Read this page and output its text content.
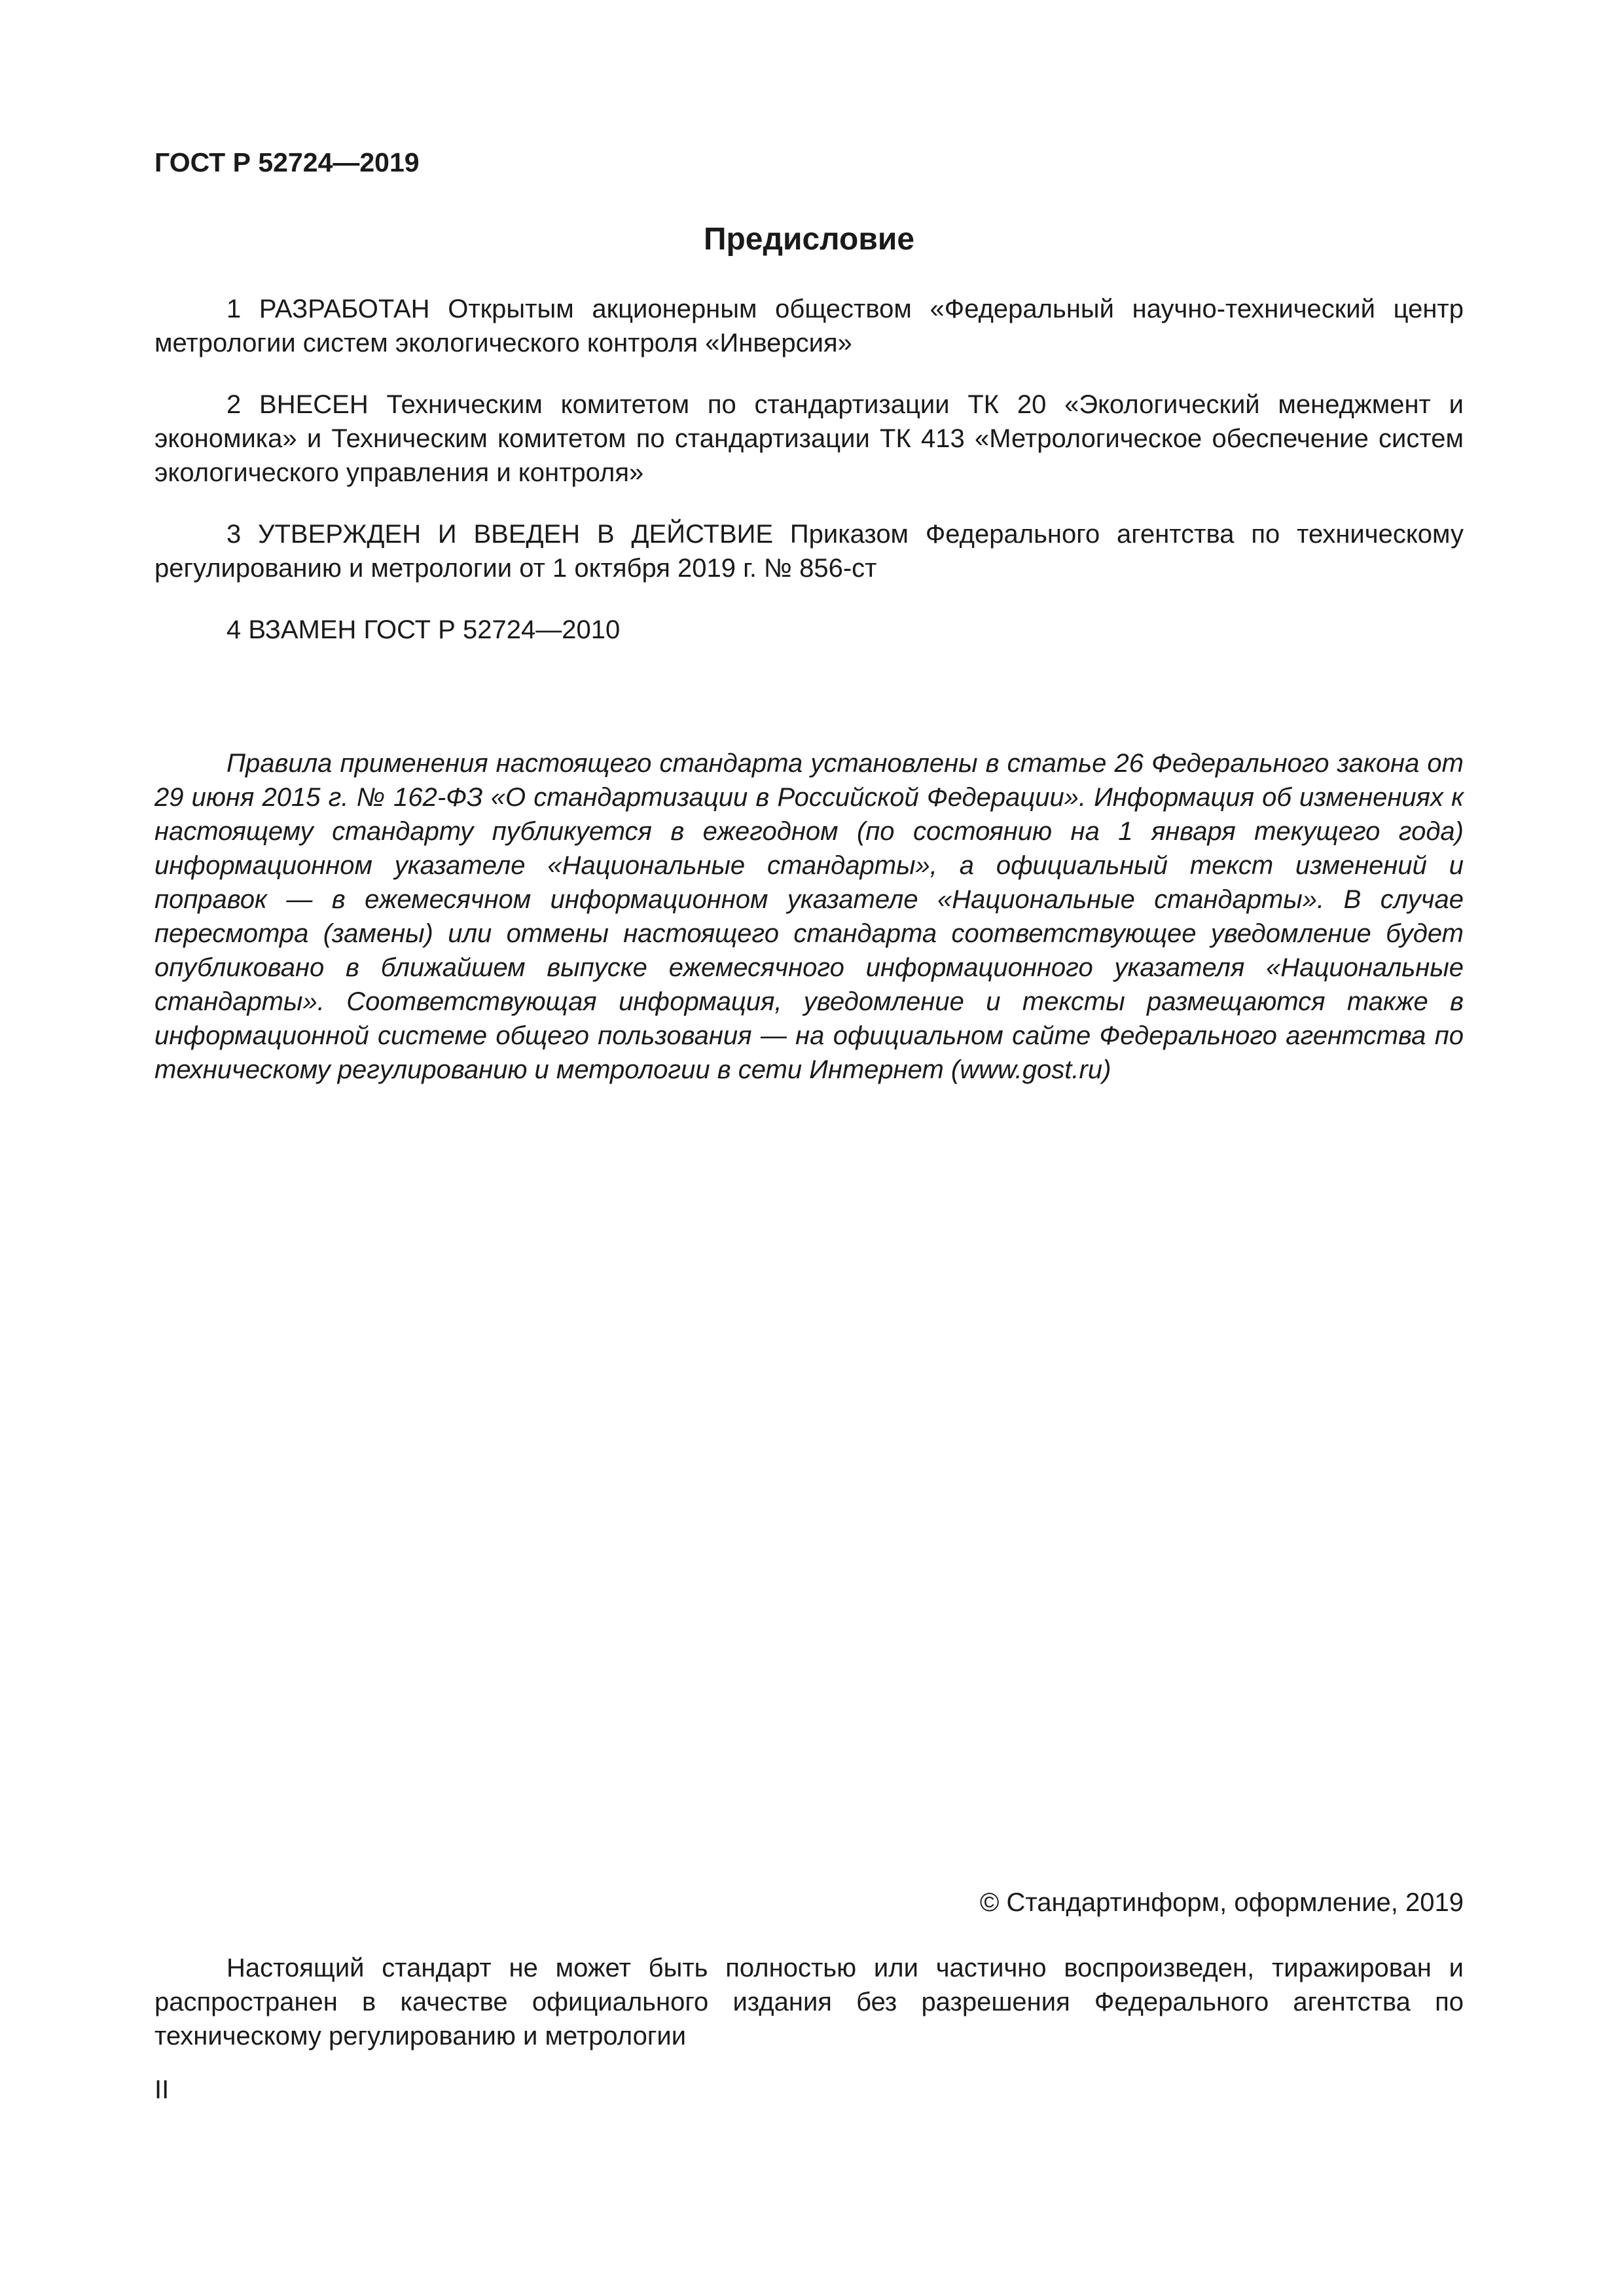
ГОСТ Р 52724—2019

Предисловие

1 РАЗРАБОТАН Открытым акционерным обществом «Федеральный научно-технический центр метрологии систем экологического контроля «Инверсия»

2 ВНЕСЕН Техническим комитетом по стандартизации ТК 20 «Экологический менеджмент и экономика» и Техническим комитетом по стандартизации ТК 413 «Метрологическое обеспечение систем экологического управления и контроля»

3 УТВЕРЖДЕН И ВВЕДЕН В ДЕЙСТВИЕ Приказом Федерального агентства по техническому регулированию и метрологии от 1 октября 2019 г. № 856-ст

4 ВЗАМЕН ГОСТ Р 52724—2010

Правила применения настоящего стандарта установлены в статье 26 Федерального закона от 29 июня 2015 г. № 162-ФЗ «О стандартизации в Российской Федерации». Информация об изменениях к настоящему стандарту публикуется в ежегодном (по состоянию на 1 января текущего года) информационном указателе «Национальные стандарты», а официальный текст изменений и поправок — в ежемесячном информационном указателе «Национальные стандарты». В случае пересмотра (замены) или отмены настоящего стандарта соответствующее уведомление будет опубликовано в ближайшем выпуске ежемесячного информационного указателя «Национальные стандарты». Соответствующая информация, уведомление и тексты размещаются также в информационной системе общего пользования — на официальном сайте Федерального агентства по техническому регулированию и метрологии в сети Интернет (www.gost.ru)

© Стандартинформ, оформление, 2019

Настоящий стандарт не может быть полностью или частично воспроизведен, тиражирован и распространен в качестве официального издания без разрешения Федерального агентства по техническому регулированию и метрологии

II
